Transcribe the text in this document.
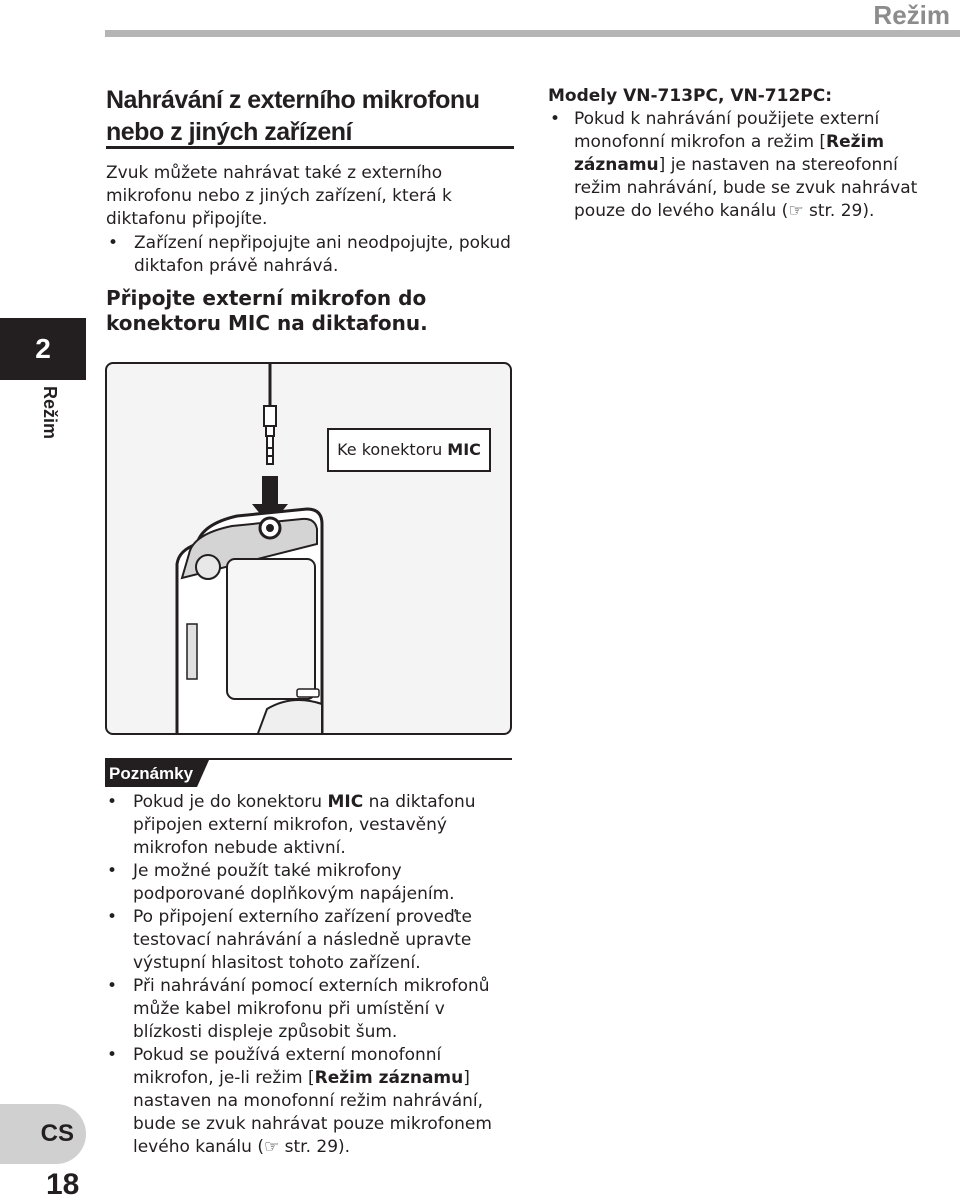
Režim
2
Režim
Nahrávání z externího mikrofonu nebo z jiných zařízení
Zvuk můžete nahrávat také z externího mikrofonu nebo z jiných zařízení, která k diktafonu připojíte.
• Zařízení nepřipojujte ani neodpojujte, pokud diktafon právě nahrává.
Připojte externí mikrofon do konektoru MIC na diktafonu.
Modely VN-713PC, VN-712PC:
• Pokud k nahrávání použijete externí monofonní mikrofon a režim [Režim záznamu] je nastaven na stereofonní režim nahrávání, bude se zvuk nahrávat pouze do levého kanálu (☞ str. 29).
Ke konektoru MIC
Poznámky
• Pokud je do konektoru MIC na diktafonu připojen externí mikrofon, vestavěný mikrofon nebude aktivní.
• Je možné použít také mikrofony podporované doplňkovým napájením.
• Po připojení externího zařízení proveďte testovací nahrávání a následně upravte výstupní hlasitost tohoto zařízení.
• Při nahrávání pomocí externích mikrofonů může kabel mikrofonu při umístění v blízkosti displeje způsobit šum.
• Pokud se používá externí monofonní mikrofon, je-li režim [Režim záznamu] nastaven na monofonní režim nahrávání, bude se zvuk nahrávat pouze mikrofonem levého kanálu (☞ str. 29).
CS
18
